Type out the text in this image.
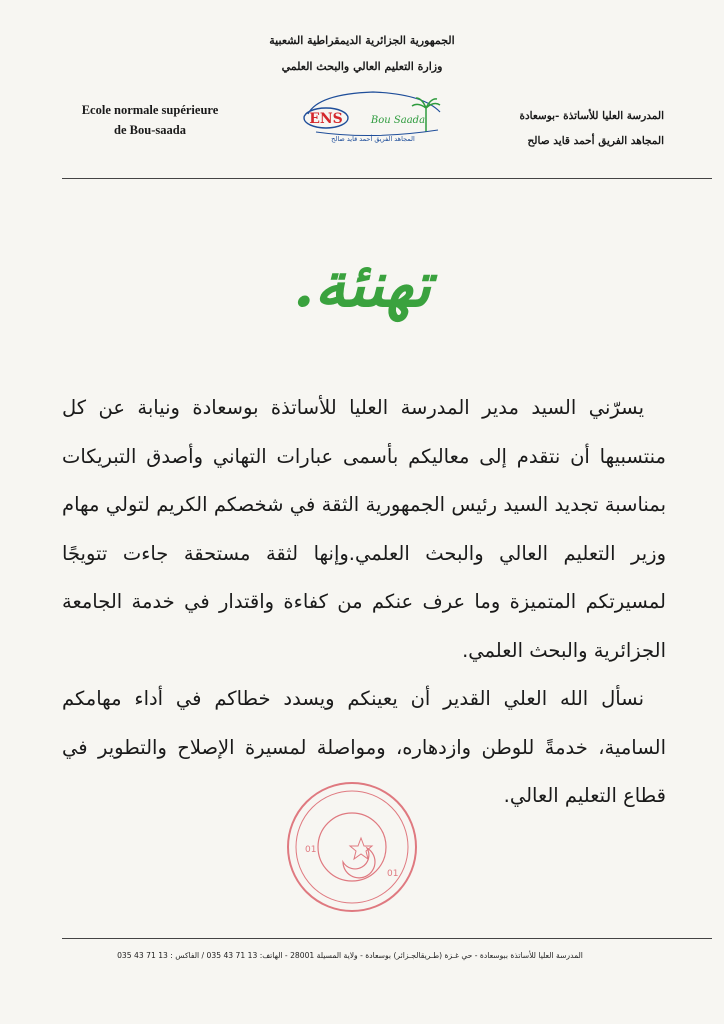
الجمهورية الجزائرية الديمقراطية الشعبية
وزارة التعليم العالي والبحث العلمي
Ecole normale supérieure
de Bou-saada
المدرسة العليا للأساتذة -بوسعادة
المجاهد الفريق أحمد قايد صالح
ENS	Bou Saada
المجاهد الفريق أحمد قايد صالح
تهنئة.

يسرّني السيد مدير المدرسة العليا للأساتذة بوسعادة ونيابة عن كل منتسبيها أن نتقدم إلى معاليكم بأسمى عبارات التهاني وأصدق التبريكات بمناسبة تجديد السيد رئيس الجمهورية الثقة في شخصكم الكريم لتولي مهام وزير التعليم العالي والبحث العلمي.وإنها لثقة مستحقة جاءت تتويجًا لمسيرتكم المتميزة وما عرف عنكم من كفاءة واقتدار في خدمة الجامعة الجزائرية والبحث العلمي.

نسأل الله العلي القدير أن يعينكم ويسدد خطاكم في أداء مهامكم السامية، خدمةً للوطن وازدهاره، ومواصلة لمسيرة الإصلاح والتطوير في قطاع التعليم العالي.

01
01
المدرسة العليا للأساتذة ببوسعادة - حي غـزة (طـريقالجـزائر) بوسعادة - ولاية المسيلة 28001 - الهاتف: 13 71 43 035 / الفاكس : 13 71 43 035
